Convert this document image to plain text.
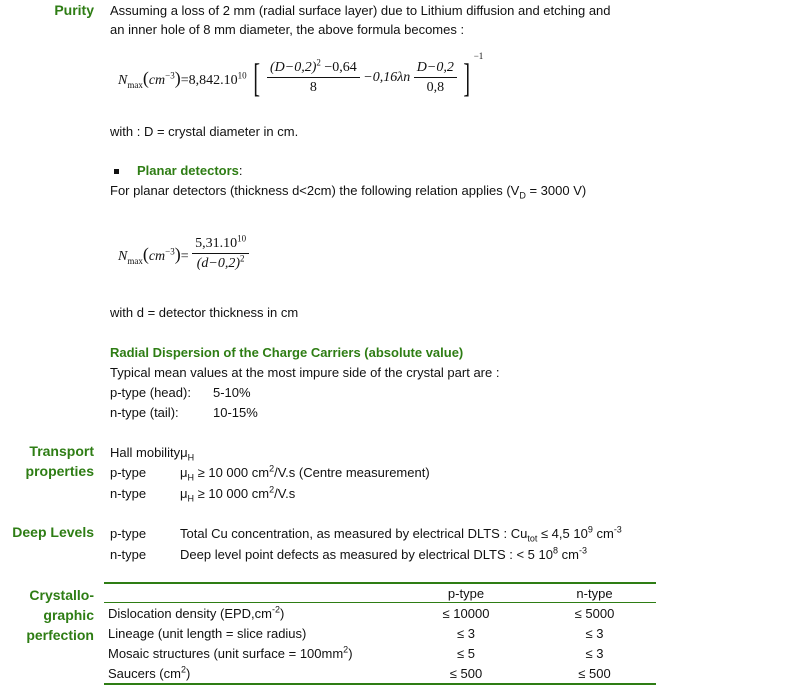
Purity Assuming a loss of 2 mm (radial surface layer) due to Lithium diffusion and etching and
an inner hole of 8 mm diameter, the above formula becomes :
$N_{max}(cm^{-3})=8,842.10^{10}$ [ $\frac{(D-0,2)^2 -0,64}{8} -0,16\lambda n \frac{D-0,2}{0,8}$ ] $^{-1}$
with : D = crystal diameter in cm.
Planar detectors:
For planar detectors (thickness d<2cm) the following relation applies ($V_D = 3000$ V)
$N_{max}(cm^{-3})= \frac{5,31.10^{10}}{(d-0,2)^2}$
with d = detector thickness in cm
Radial Dispersion of the Charge Carriers (absolute value)
Typical mean values at the most impure side of the crystal part are :
p-type (head): 5-10%
n-type (tail):	10-15%
Transport
properties
Hall mobilityμ$_H$
p-type	$\mu_H \ge 10$ 000 $cm^2/V.s$ (Centre measurement)
n-type	$\mu_H \ge 10$ 000 $cm^2/V.s$
Deep Levels p-type	Total Cu concentration, as measured by electrical DLTS : $Cu_{tot} \le 4,5$ $10^9$ $cm^{-3}$
n-type	Deep level point defects as measured by electrical DLTS : < 5 $10^8$ $cm^{-3}$
Crystallo-
graphic
perfection
	p-type	n-type
Dislocation density $(EPD,cm^{-2})$	≤ 10000	≤ 5000
Lineage (unit length = slice radius)	≤ 3	≤ 3
Mosaic structures (unit surface = $100mm^2$)	≤ 5	≤ 3
Saucers $(cm^2)$	≤ 500	≤ 500
